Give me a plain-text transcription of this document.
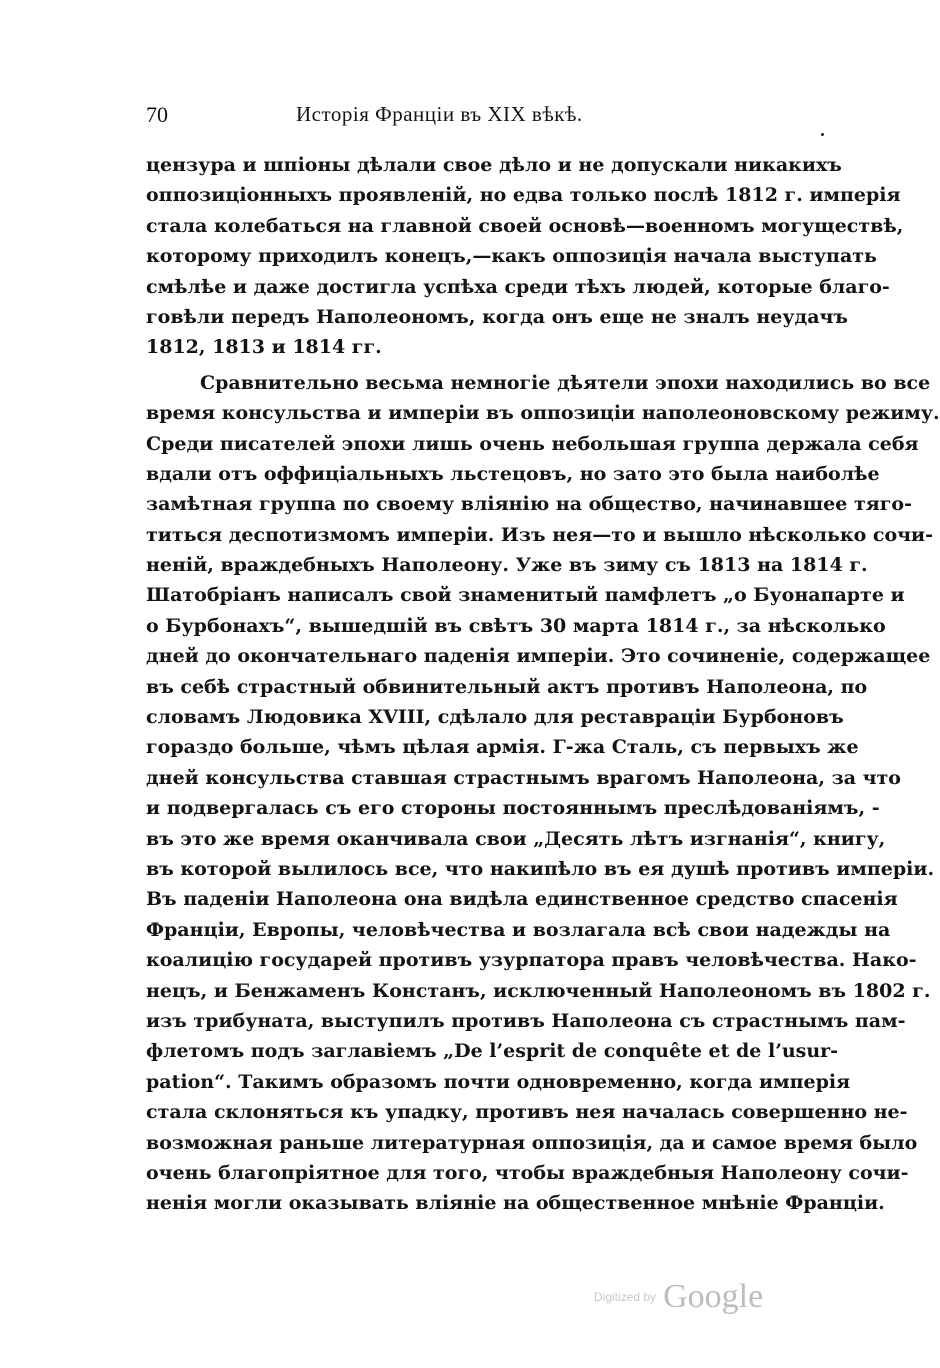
70	Исторія Франціи въ XIX вѣкѣ.
цензура и шпіоны дѣлали свое дѣло и не допускали никакихъ
оппозиціонныхъ проявленій, но едва только послѣ 1812 г. имперія
стала колебаться на главной своей основѣ—военномъ могуществѣ,
которому приходилъ конецъ,—какъ оппозиція начала выступать
смѣлѣе и даже достигла успѣха среди тѣхъ людей, которые благо-
говѣли передъ Наполеономъ, когда онъ еще не зналъ неудачъ
1812, 1813 и 1814 гг.
Сравнительно весьма немногіе дѣятели эпохи находились во все
время консульства и имперіи въ оппозиціи наполеоновскому режиму.
Среди писателей эпохи лишь очень небольшая группа держала себя
вдали отъ оффиціальныхъ льстецовъ, но зато это была наиболѣе
замѣтная группа по своему вліянію на общество, начинавшее тяго-
титься деспотизмомъ имперіи. Изъ нея—то и вышло нѣсколько сочи-
неній, враждебныхъ Наполеону. Уже въ зиму съ 1813 на 1814 г.
Шатобріанъ написалъ свой знаменитый памфлетъ „о Буонапарте и
о Бурбонахъ“, вышедшій въ свѣтъ 30 марта 1814 г., за нѣсколько
дней до окончательнаго паденія имперіи. Это сочиненіе, содержащее
въ себѣ страстный обвинительный актъ противъ Наполеона, по
словамъ Людовика XVIII, сдѣлало для реставраціи Бурбоновъ
гораздо больше, чѣмъ цѣлая армія. Г-жа Сталь, съ первыхъ же
дней консульства ставшая страстнымъ врагомъ Наполеона, за что
и подвергалась съ его стороны постояннымъ преслѣдованіямъ, -
въ это же время оканчивала свои „Десять лѣтъ изгнанія“, книгу,
въ которой вылилось все, что накипѣло въ ея душѣ противъ имперіи.
Въ паденіи Наполеона она видѣла единственное средство спасенія
Франціи, Европы, человѣчества и возлагала всѣ свои надежды на
коалицію государей противъ узурпатора правъ человѣчества. Нако-
нецъ, и Бенжаменъ Констанъ, исключенный Наполеономъ въ 1802 г.
изъ трибуната, выступилъ противъ Наполеона съ страстнымъ пам-
флетомъ подъ заглавіемъ „De l’esprit de conquête et de l’usur-
pation“. Такимъ образомъ почти одновременно, когда имперія
стала склоняться къ упадку, противъ нея началась совершенно не-
возможная раньше литературная оппозиція, да и самое время было
очень благопріятное для того, чтобы враждебныя Наполеону сочи-
ненія могли оказывать вліяніе на общественное мнѣніе Франціи.
Digitized by Google
